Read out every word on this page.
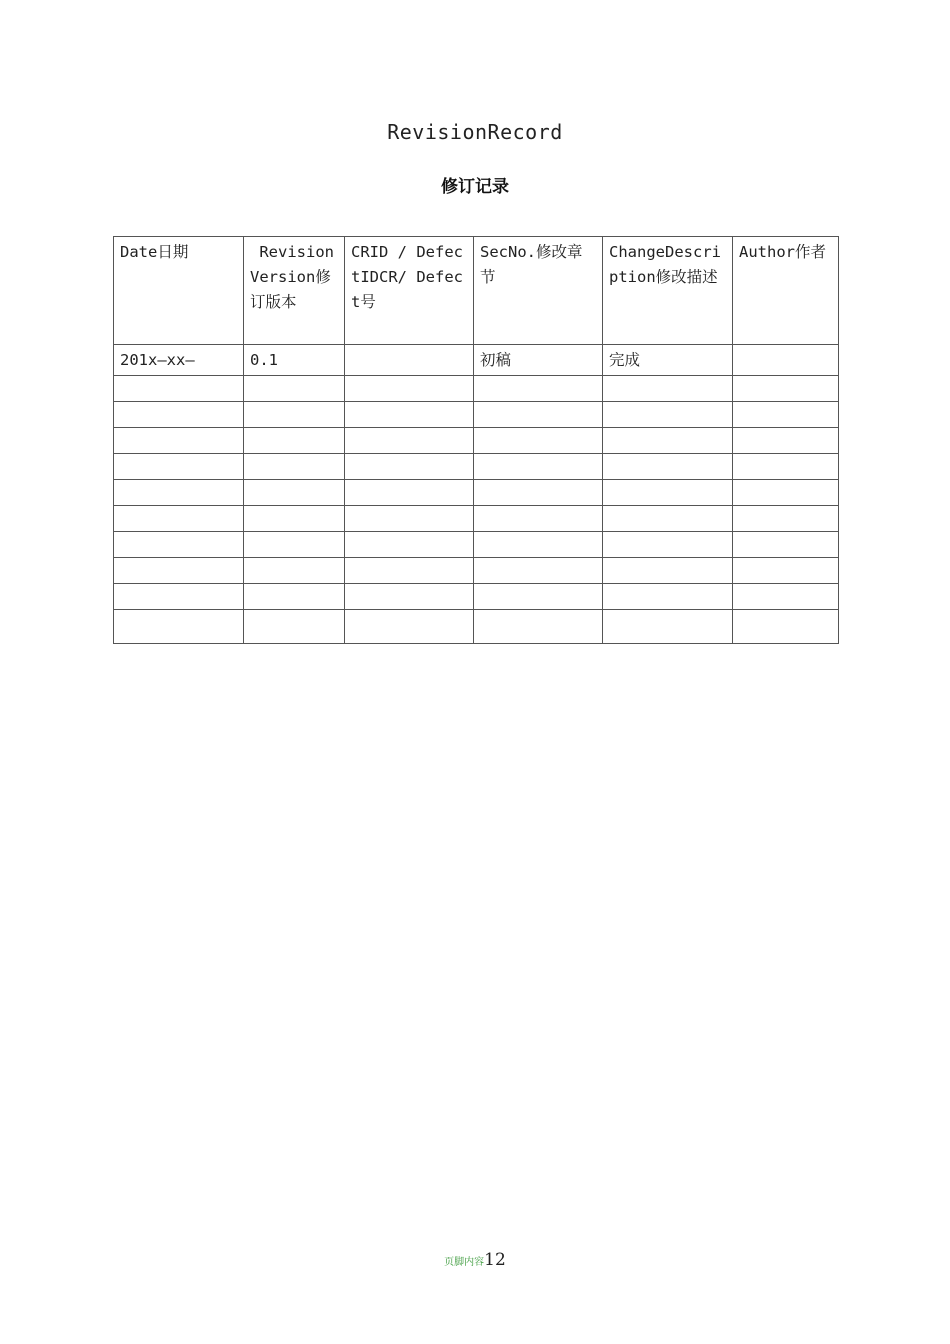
RevisionRecord
修订记录
Date日期	Revision Version修订版本	CRID / DefectIDCR/ Defect号	SecNo.修改章节	ChangeDescription修改描述	Author作者
201x—xx—	0.1		初稿	完成	

页脚内容12
